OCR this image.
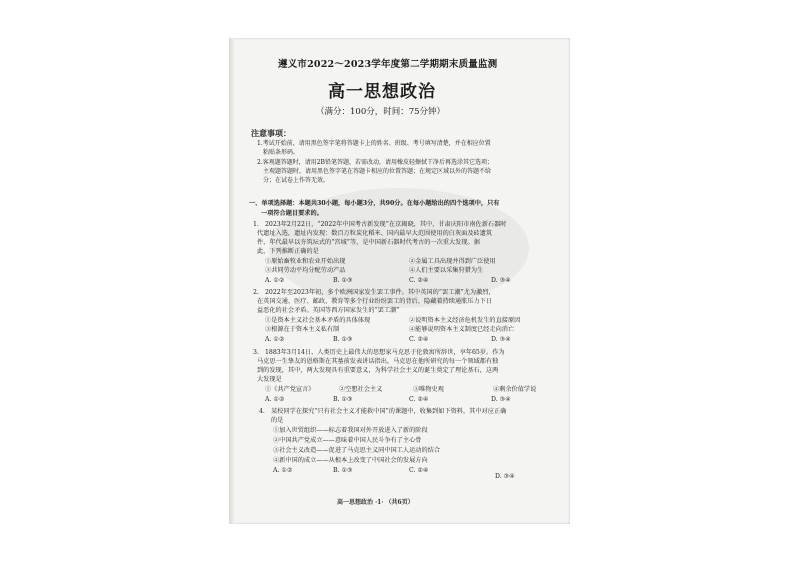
遵义市2022～2023学年度第二学期期末质量监测
高一思想政治
（满分：100分，时间：75分钟）
注意事项：
1.考试开始前，请用黑色签字笔将答题卡上的姓名、班级、考号填写清楚，并在相应位置
粘贴条形码。
2.客观题答题时，请用2B铅笔答题，若需改动，请用橡皮轻擦拭干净后再选涂其它选项；
主观题答题时，请用黑色签字笔在答题卡相应的位置答题；在规定区域以外的答题不给
分；在试卷上作答无效。
一、单项选择题：本题共30小题，每小题3分，共90分。在每小题给出的四个选项中，只有
一项符合题目要求的。
1. 2023年2月22日，“2022年中国考古新发现”在京揭晓，其中，甘肃庆阳市南佐新石器时
代遗址入选，遗址内发现：数百万粒炭化稻米、国内最早大范围使用的白灰面及砖遗筑
件、年代最早以夯筑坛式的“宫城”等，是中国新石器时代考古的一次重大发现。据
此，下列推断正确的是
①原始畜牧业和农业开始出现	②金属工具出现并得到广泛使用
③共同劳动平均分配劳动产品	④人们主要以采集狩猎为生
A. ①②	B. ①③	C. ②④	D. ③④
2. 2022年至2023年初，多个欧洲国家发生罢工事件。其中英国的“罢工潮”尤为激烈，
在英国交通、医疗、邮政、教育等多个行业纷纷罢工的背后，隐藏着持续通胀压力下日
益恶化的社会矛盾。英国等西方国家发生的“罢工潮”
①是资本主义社会基本矛盾的具体体现	②说明资本主义经济危机发生的直接原因
③根源在于资本主义私有制	④能够说明资本主义制度已经走向消亡
A. ①②	B. ①③	C. ②④	D. ③④
3. 1883年3月14日，人类历史上最伟大的思想家马克思于伦敦寓所辞世，享年65岁。作为
马克思一生挚友的恩格斯在其墓前发表讲话指出，马克思在他所研究的每一个领域都有独
到的发现，其中，两大发现具有重要意义，为科学社会主义的诞生奠定了理论基石，这两
大发现是
①《共产党宣言》	②空想社会主义	③唯物史观	④剩余价值学说
A. ①②	B. ①③	C. ②④	D. ③④
4. 某校同学在探究“只有社会主义才能救中国”的课题中，收集到如下资料，其中对应正确
的是
①加入世贸组织——标志着我国对外开放进入了新的阶段
②中国共产党成立——意味着中国人民斗争有了主心骨
③社会主义改造——促进了马克思主义同中国工人运动的结合
④新中国的成立——从根本上改变了中国社会的发展方向
A. ①②	B. ①③	C. ②④
D. ③④
高一思想政治 ·1· （共6页）
